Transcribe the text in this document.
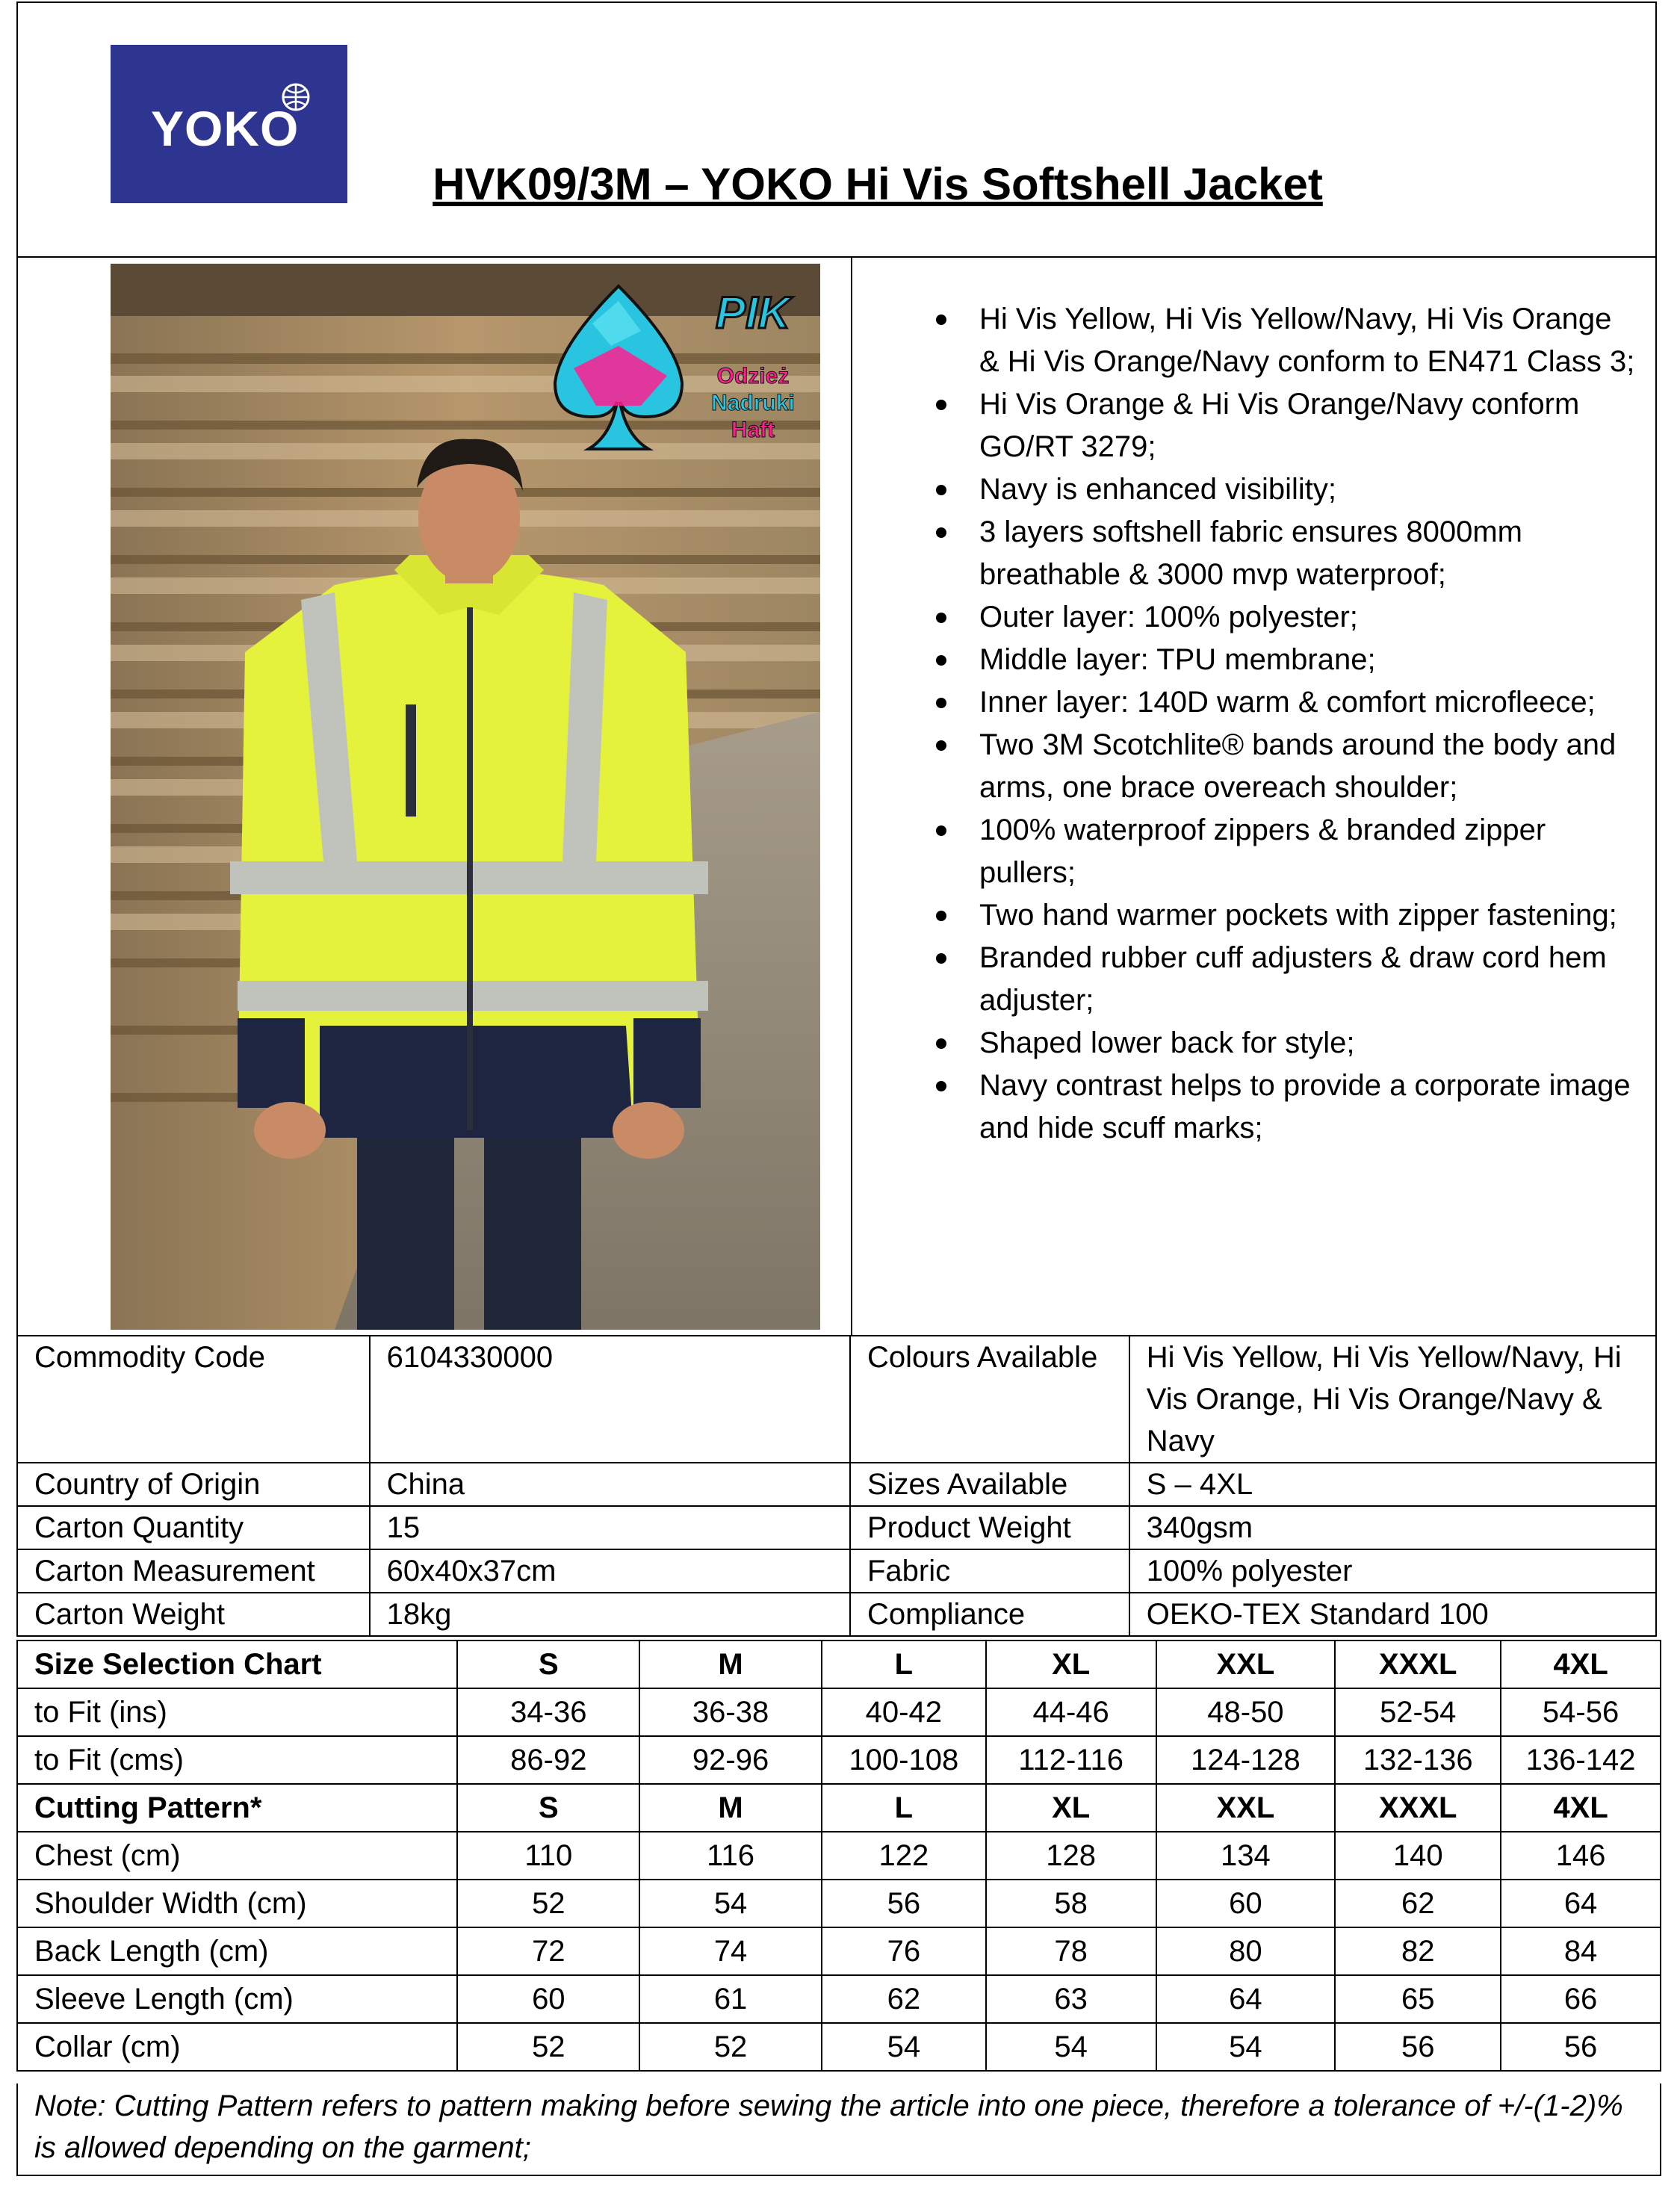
YOKO
HVK09/3M – YOKO Hi Vis Softshell Jacket
PIK
Odzież
Nadruki
Haft
Hi Vis Yellow, Hi Vis Yellow/Navy, Hi Vis Orange & Hi Vis Orange/Navy conform to EN471 Class 3;
Hi Vis Orange & Hi Vis Orange/Navy conform GO/RT 3279;
Navy is enhanced visibility;
3 layers softshell fabric ensures 8000mm breathable & 3000 mvp waterproof;
Outer layer: 100% polyester;
Middle layer: TPU membrane;
Inner layer: 140D warm & comfort microfleece;
Two 3M Scotchlite® bands around the body and arms, one brace overeach shoulder;
100% waterproof zippers & branded zipper pullers;
Two hand warmer pockets with zipper fastening;
Branded rubber cuff adjusters & draw cord hem adjuster;
Shaped lower back for style;
Navy contrast helps to provide a corporate image and hide scuff marks;
Commodity Code	6104330000	Colours Available	Hi Vis Yellow, Hi Vis Yellow/Navy, Hi Vis Orange, Hi Vis Orange/Navy & Navy
Country of Origin	China	Sizes Available	S – 4XL
Carton Quantity	15	Product Weight	340gsm
Carton Measurement	60x40x37cm	Fabric	100% polyester
Carton Weight	18kg	Compliance	OEKO-TEX Standard 100
Size Selection Chart	S	M	L	XL	XXL	XXXL	4XL
to Fit (ins)	34-36	36-38	40-42	44-46	48-50	52-54	54-56
to Fit (cms)	86-92	92-96	100-108	112-116	124-128	132-136	136-142
Cutting Pattern*	S	M	L	XL	XXL	XXXL	4XL
Chest (cm)	110	116	122	128	134	140	146
Shoulder Width (cm)	52	54	56	58	60	62	64
Back Length (cm)	72	74	76	78	80	82	84
Sleeve Length (cm)	60	61	62	63	64	65	66
Collar (cm)	52	52	54	54	54	56	56
Note: Cutting Pattern refers to pattern making before sewing the article into one piece, therefore a tolerance of +/-(1-2)% is allowed depending on the garment;
